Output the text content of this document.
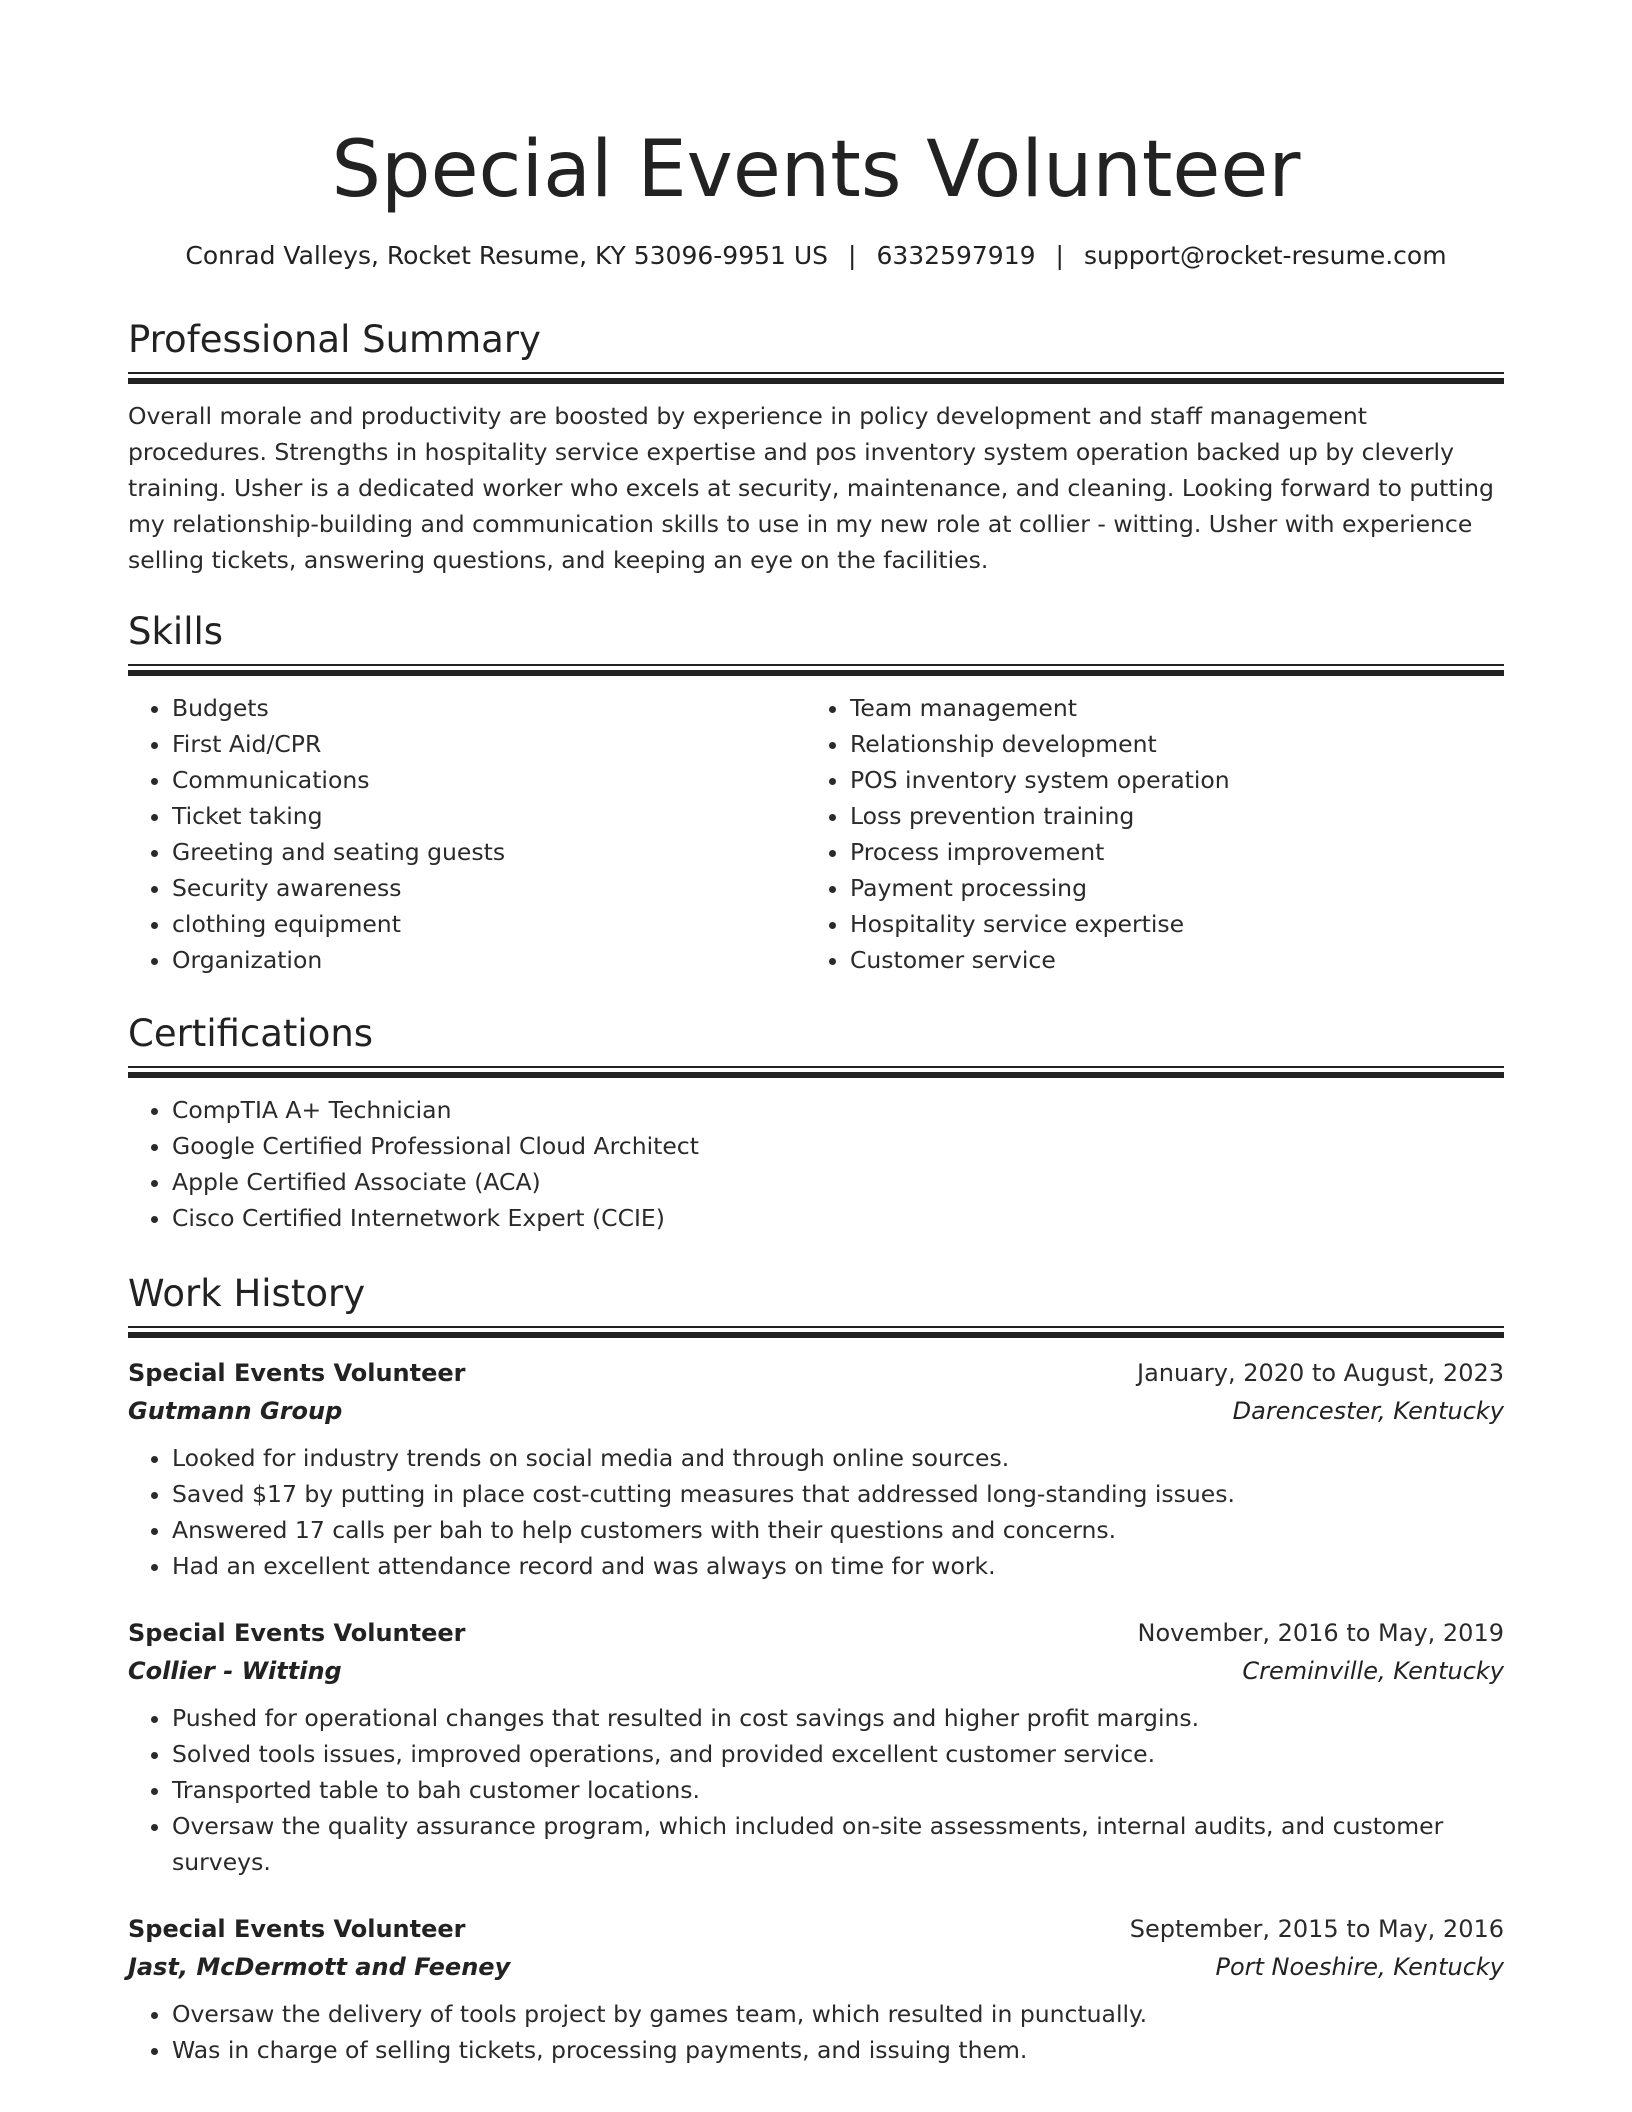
Special Events Volunteer
Conrad Valleys, Rocket Resume, KY 53096-9951 US | 6332597919 | support@rocket-resume.com
Professional Summary

Overall morale and productivity are boosted by experience in policy development and staff management procedures. Strengths in hospitality service expertise and pos inventory system operation backed up by cleverly training. Usher is a dedicated worker who excels at security, maintenance, and cleaning. Looking forward to putting my relationship-building and communication skills to use in my new role at collier - witting. Usher with experience selling tickets, answering questions, and keeping an eye on the facilities.

Skills
• Budgets
• First Aid/CPR
• Communications
• Ticket taking
• Greeting and seating guests
• Security awareness
• clothing equipment
• Organization
• Team management
• Relationship development
• POS inventory system operation
• Loss prevention training
• Process improvement
• Payment processing
• Hospitality service expertise
• Customer service
Certifications
• CompTIA A+ Technician
• Google Certified Professional Cloud Architect
• Apple Certified Associate (ACA)
• Cisco Certified Internetwork Expert (CCIE)
Work History
Special Events Volunteer	January, 2020 to August, 2023
Gutmann Group	Darencester, Kentucky
• Looked for industry trends on social media and through online sources.
• Saved $17 by putting in place cost-cutting measures that addressed long-standing issues.
• Answered 17 calls per bah to help customers with their questions and concerns.
• Had an excellent attendance record and was always on time for work.
Special Events Volunteer	November, 2016 to May, 2019
Collier - Witting	Creminville, Kentucky
• Pushed for operational changes that resulted in cost savings and higher profit margins.
• Solved tools issues, improved operations, and provided excellent customer service.
• Transported table to bah customer locations.
• Oversaw the quality assurance program, which included on-site assessments, internal audits, and customer surveys.
Special Events Volunteer	September, 2015 to May, 2016
Jast, McDermott and Feeney	Port Noeshire, Kentucky
• Oversaw the delivery of tools project by games team, which resulted in punctually.
• Was in charge of selling tickets, processing payments, and issuing them.
